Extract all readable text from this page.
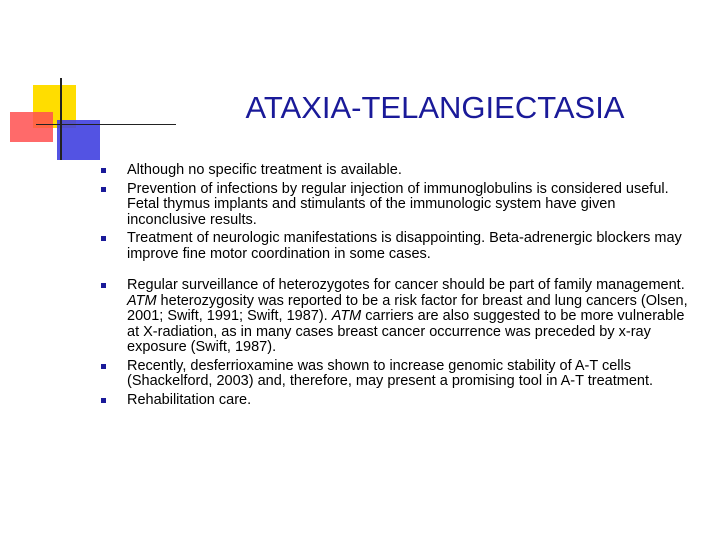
ATAXIA-TELANGIECTASIA
Although no specific treatment is available.
Prevention of infections by regular injection of immunoglobulins is considered useful. Fetal thymus implants and stimulants of the immunologic system have given inconclusive results.
Treatment of neurologic manifestations is disappointing. Beta-adrenergic blockers may improve fine motor coordination in some cases.
Regular surveillance of heterozygotes for cancer should be part of family management. ATM heterozygosity was reported to be a risk factor for breast and lung cancers (Olsen, 2001; Swift, 1991; Swift, 1987). ATM carriers are also suggested to be more vulnerable at X-radiation, as in many cases breast cancer occurrence was preceded by x-ray exposure (Swift, 1987).
Recently, desferrioxamine was shown to increase genomic stability of A-T cells (Shackelford, 2003) and, therefore, may present a promising tool in A-T treatment.
Rehabilitation care.
